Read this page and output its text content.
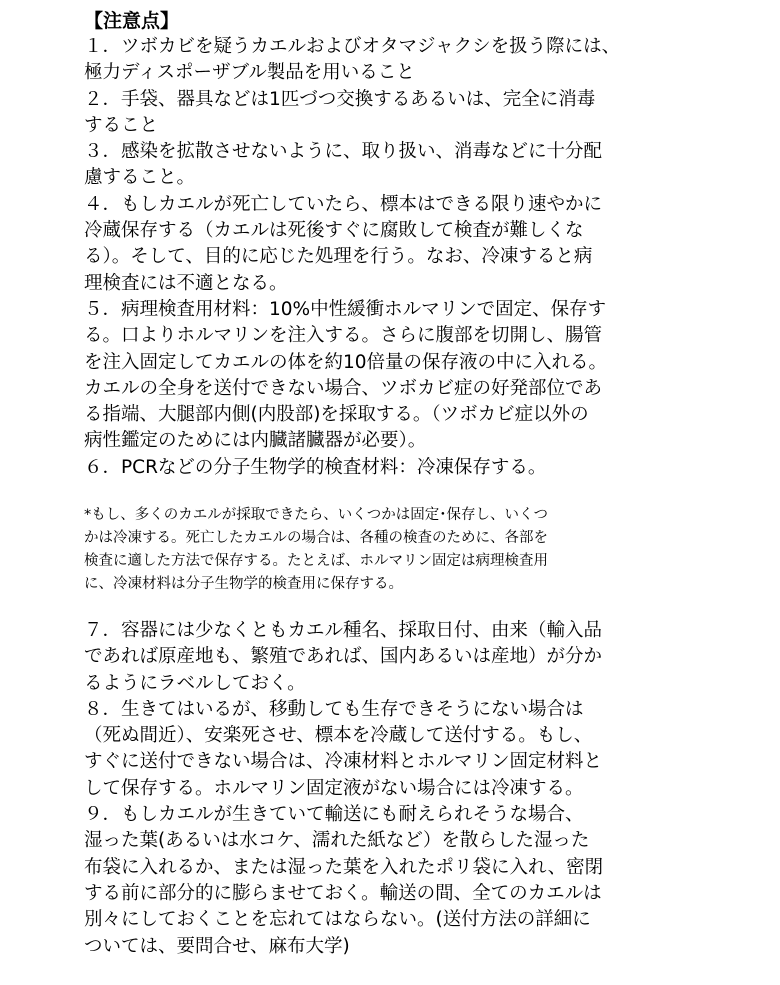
【注意点】
１．ツボカビを疑うカエルおよびオタマジャクシを扱う際には、
極力ディスポーザブル製品を用いること
２．手袋、器具などは1匹づつ交換するあるいは、完全に消毒
すること
３．感染を拡散させないように、取り扱い、消毒などに十分配
慮すること。
４．もしカエルが死亡していたら、標本はできる限り速やかに
冷蔵保存する（カエルは死後すぐに腐敗して検査が難しくな
る）。そして、目的に応じた処理を行う。なお、冷凍すると病
理検査には不適となる。
５．病理検査用材料：10%中性緩衝ホルマリンで固定、保存す
る。口よりホルマリンを注入する。さらに腹部を切開し、腸管
を注入固定してカエルの体を約10倍量の保存液の中に入れる。
カエルの全身を送付できない場合、ツボカビ症の好発部位であ
る指端、大腿部内側(内股部)を採取する。（ツボカビ症以外の
病性鑑定のためには内臓諸臓器が必要）。
６．PCRなどの分子生物学的検査材料：冷凍保存する。
*もし、多くのカエルが採取できたら、いくつかは固定･保存し、いくつ
かは冷凍する。死亡したカエルの場合は、各種の検査のために、各部を
検査に適した方法で保存する。たとえば、ホルマリン固定は病理検査用
に、冷凍材料は分子生物学的検査用に保存する。
７．容器には少なくともカエル種名、採取日付、由来（輸入品
であれば原産地も、繁殖であれば、国内あるいは産地）が分か
るようにラベルしておく。
８．生きてはいるが、移動しても生存できそうにない場合は
（死ぬ間近）、安楽死させ、標本を冷蔵して送付する。もし、
すぐに送付できない場合は、冷凍材料とホルマリン固定材料と
して保存する。ホルマリン固定液がない場合には冷凍する。
９．もしカエルが生きていて輸送にも耐えられそうな場合、
湿った葉(あるいは水コケ、濡れた紙など）を散らした湿った
布袋に入れるか、または湿った葉を入れたポリ袋に入れ、密閉
する前に部分的に膨らませておく。輸送の間、全てのカエルは
別々にしておくことを忘れてはならない。(送付方法の詳細に
ついては、要問合せ、麻布大学)
